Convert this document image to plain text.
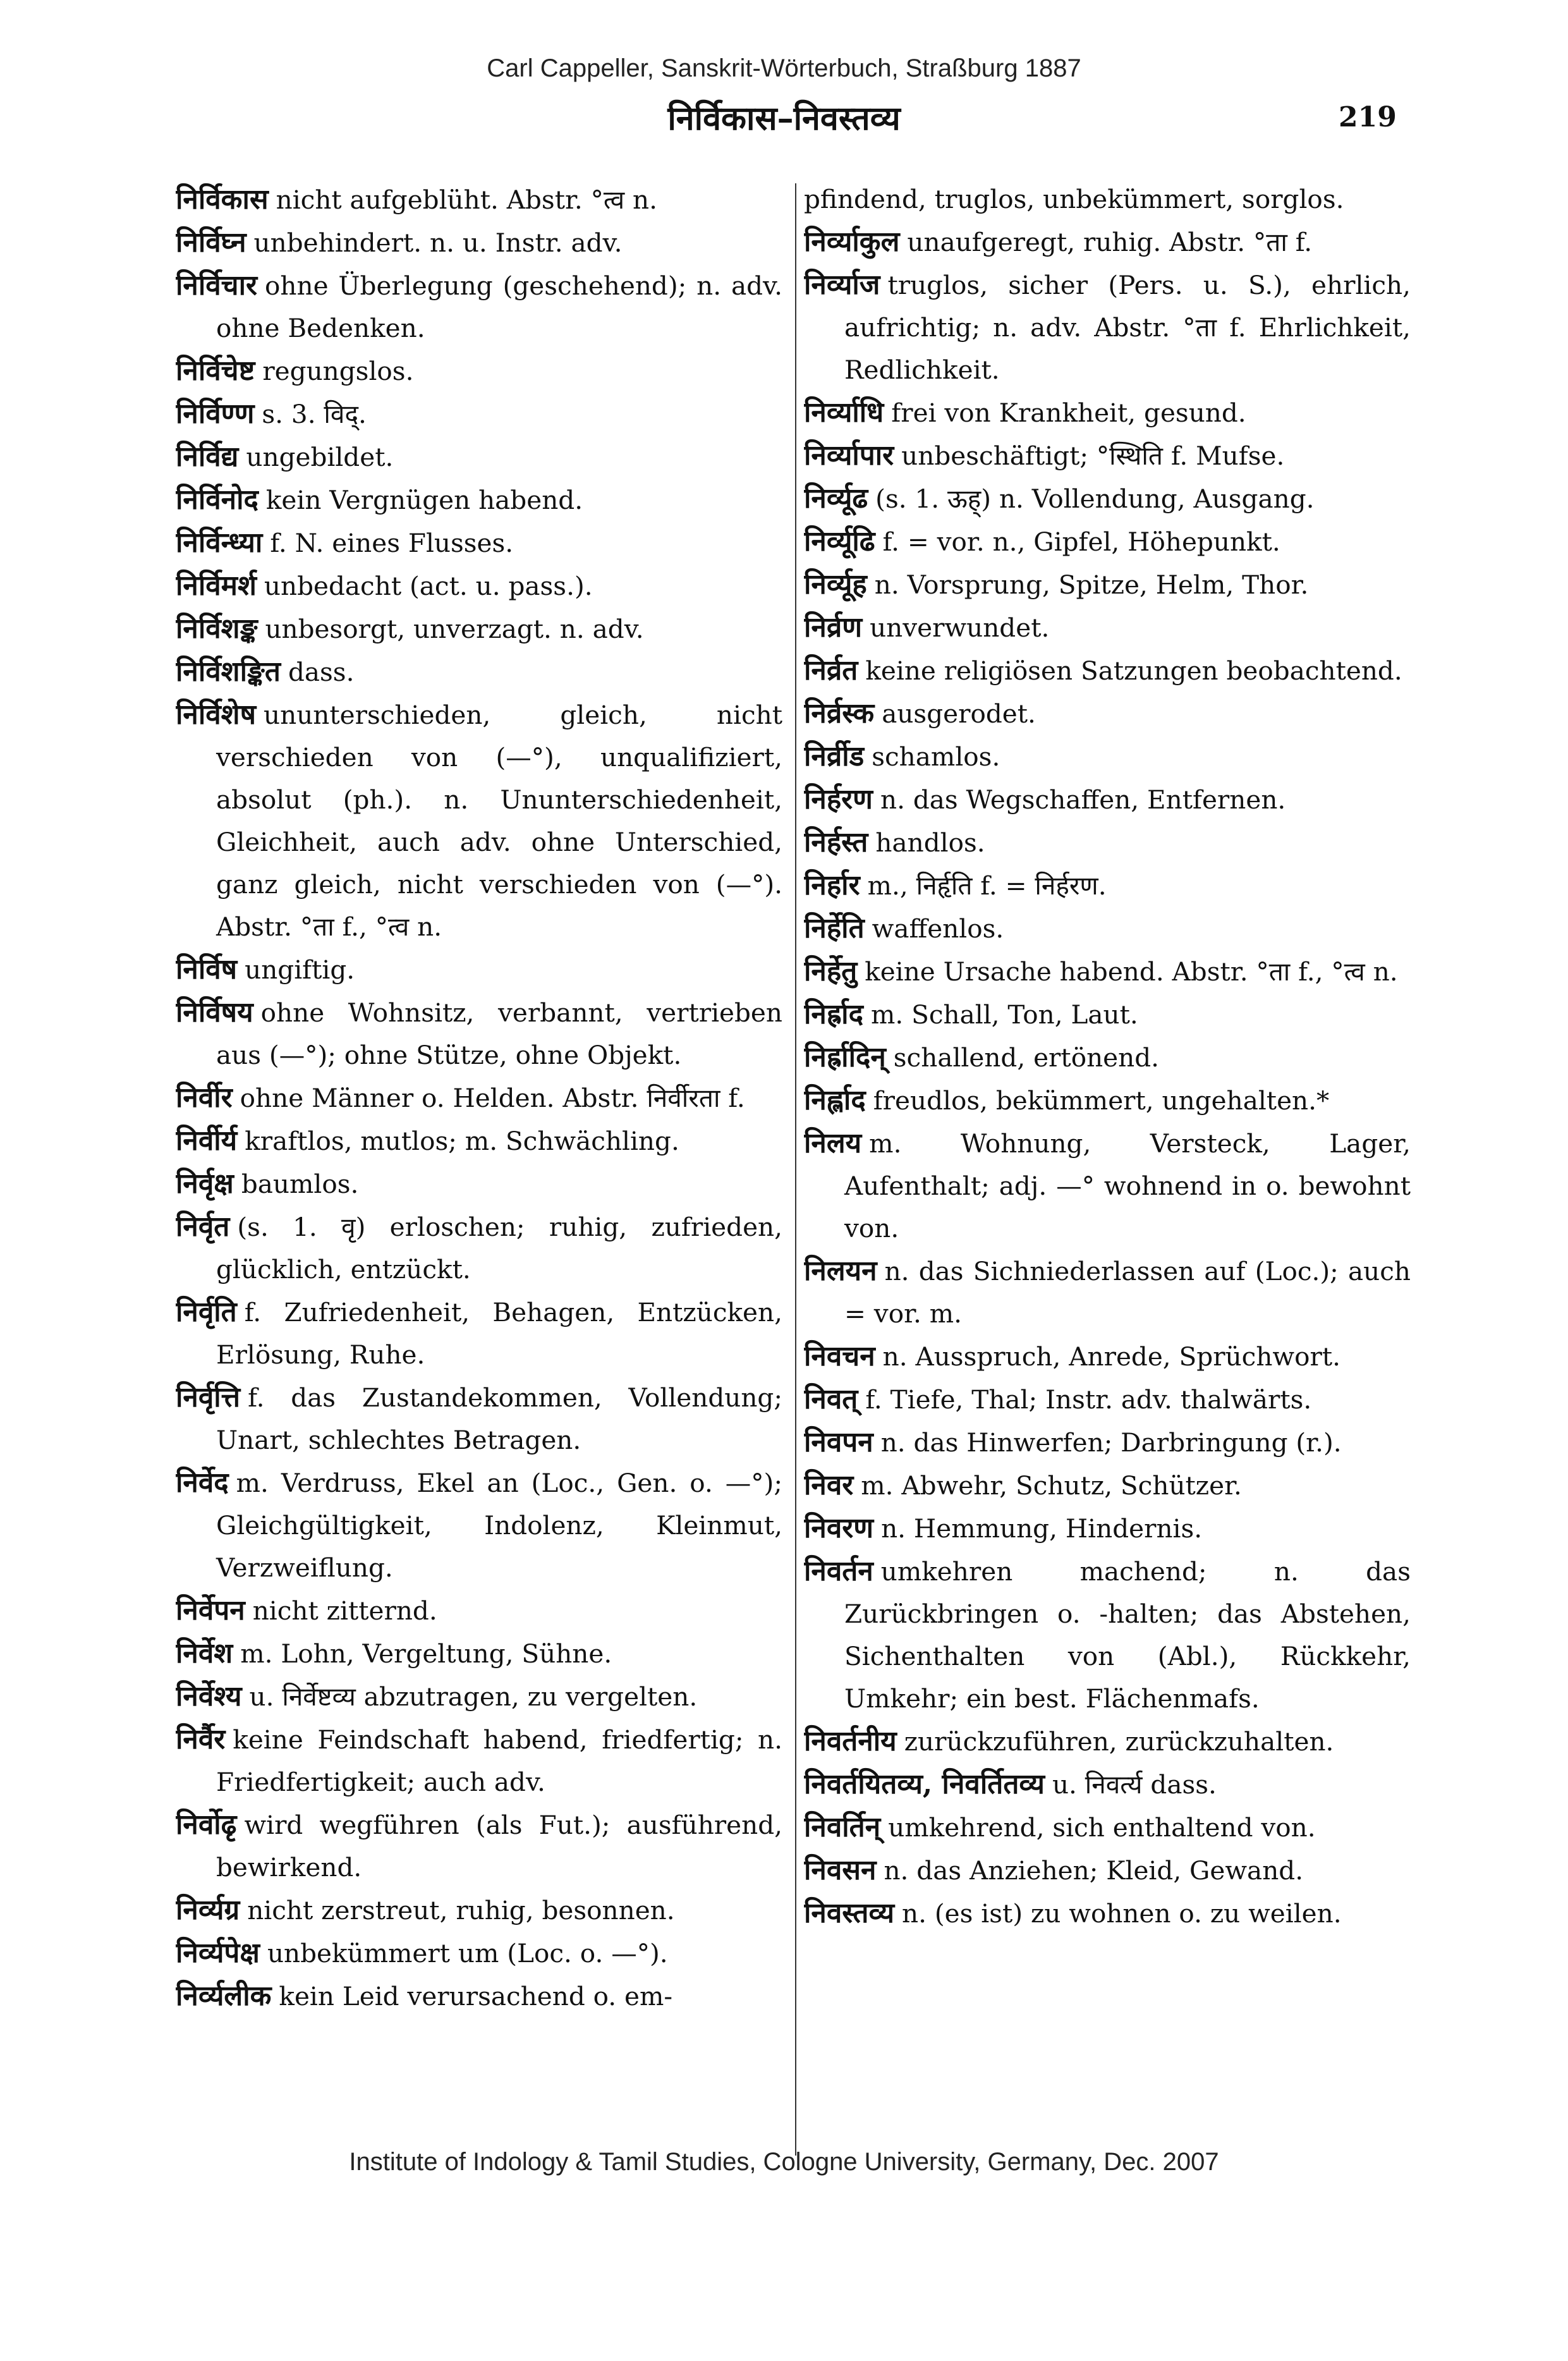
Carl Cappeller, Sanskrit-Wörterbuch, Straßburg 1887
निर्विकास–निवस्तव्य	219
निर्विकास nicht aufgeblüht. Abstr. °त्व n.
निर्विघ्न unbehindert. n. u. Instr. adv.
निर्विचार ohne Überlegung (geschehend); n. adv. ohne Bedenken.
निर्विचेष्ट regungslos.
निर्विण्ण s. 3. विद्.
निर्विद्य ungebildet.
निर्विनोद kein Vergnügen habend.
निर्विन्ध्या f. N. eines Flusses.
निर्विमर्श unbedacht (act. u. pass.).
निर्विशङ्क unbesorgt, unverzagt. n. adv.
निर्विशङ्कित dass.
निर्विशेष ununterschieden, gleich, nicht verschieden von (—°), unqualifiziert, absolut (ph.). n. Ununterschiedenheit, Gleichheit, auch adv. ohne Unterschied, ganz gleich, nicht verschieden von (—°). Abstr. °ता f., °त्व n.
निर्विष ungiftig.
निर्विषय ohne Wohnsitz, verbannt, vertrieben aus (—°); ohne Stütze, ohne Objekt.
निर्वीर ohne Männer o. Helden. Abstr. निर्वीरता f.
निर्वीर्य kraftlos, mutlos; m. Schwächling.
निर्वृक्ष baumlos.
निर्वृत (s. 1. वृ) erloschen; ruhig, zufrieden, glücklich, entzückt.
निर्वृति f. Zufriedenheit, Behagen, Entzücken, Erlösung, Ruhe.
निर्वृत्ति f. das Zustandekommen, Vollendung; Unart, schlechtes Betragen.
निर्वेद m. Verdruss, Ekel an (Loc., Gen. o. —°); Gleichgültigkeit, Indolenz, Kleinmut, Verzweiflung.
निर्वेपन nicht zitternd.
निर्वेश m. Lohn, Vergeltung, Sühne.
निर्वेश्य u. निर्वेष्टव्य abzutragen, zu vergelten.
निर्वैर keine Feindschaft habend, friedfertig; n. Friedfertigkeit; auch adv.
निर्वोढृ wird wegführen (als Fut.); ausführend, bewirkend.
निर्व्यग्र nicht zerstreut, ruhig, besonnen.
निर्व्यपेक्ष unbekümmert um (Loc. o. —°).
निर्व्यलीक kein Leid verursachend o. em-
pfindend, truglos, unbekümmert, sorglos.
निर्व्याकुल unaufgeregt, ruhig. Abstr. °ता f.
निर्व्याज truglos, sicher (Pers. u. S.), ehrlich, aufrichtig; n. adv. Abstr. °ता f. Ehrlichkeit, Redlichkeit.
निर्व्याधि frei von Krankheit, gesund.
निर्व्यापार unbeschäftigt; °स्थिति f. Mufse.
निर्व्यूढ (s. 1. ऊह्) n. Vollendung, Ausgang.
निर्व्यूढि f. = vor. n., Gipfel, Höhepunkt.
निर्व्यूह n. Vorsprung, Spitze, Helm, Thor.
निर्व्रण unverwundet.
निर्व्रत keine religiösen Satzungen beobachtend.
निर्व्रस्क ausgerodet.
निर्व्रीड schamlos.
निर्हरण n. das Wegschaffen, Entfernen.
निर्हस्त handlos.
निर्हार m., निर्हृति f. = निर्हरण.
निर्हेति waffenlos.
निर्हेतु keine Ursache habend. Abstr. °ता f., °त्व n.
निर्ह्राद m. Schall, Ton, Laut.
निर्ह्रादिन् schallend, ertönend.
निर्ह्लाद freudlos, bekümmert, ungehalten.*
निलय m. Wohnung, Versteck, Lager, Aufenthalt; adj. —° wohnend in o. bewohnt von.
निलयन n. das Sichniederlassen auf (Loc.); auch = vor. m.
निवचन n. Ausspruch, Anrede, Sprüchwort.
निवत् f. Tiefe, Thal; Instr. adv. thalwärts.
निवपन n. das Hinwerfen; Darbringung (r.).
निवर m. Abwehr, Schutz, Schützer.
निवरण n. Hemmung, Hindernis.
निवर्तन umkehren machend; n. das Zurückbringen o. -halten; das Abstehen, Sichenthalten von (Abl.), Rückkehr, Umkehr; ein best. Flächenmafs.
निवर्तनीय zurückzuführen, zurückzuhalten.
निवर्तयितव्य, निवर्तितव्य u. निवर्त्य dass.
निवर्तिन् umkehrend, sich enthaltend von.
निवसन n. das Anziehen; Kleid, Gewand.
निवस्तव्य n. (es ist) zu wohnen o. zu weilen.
Institute of Indology & Tamil Studies, Cologne University, Germany, Dec. 2007
